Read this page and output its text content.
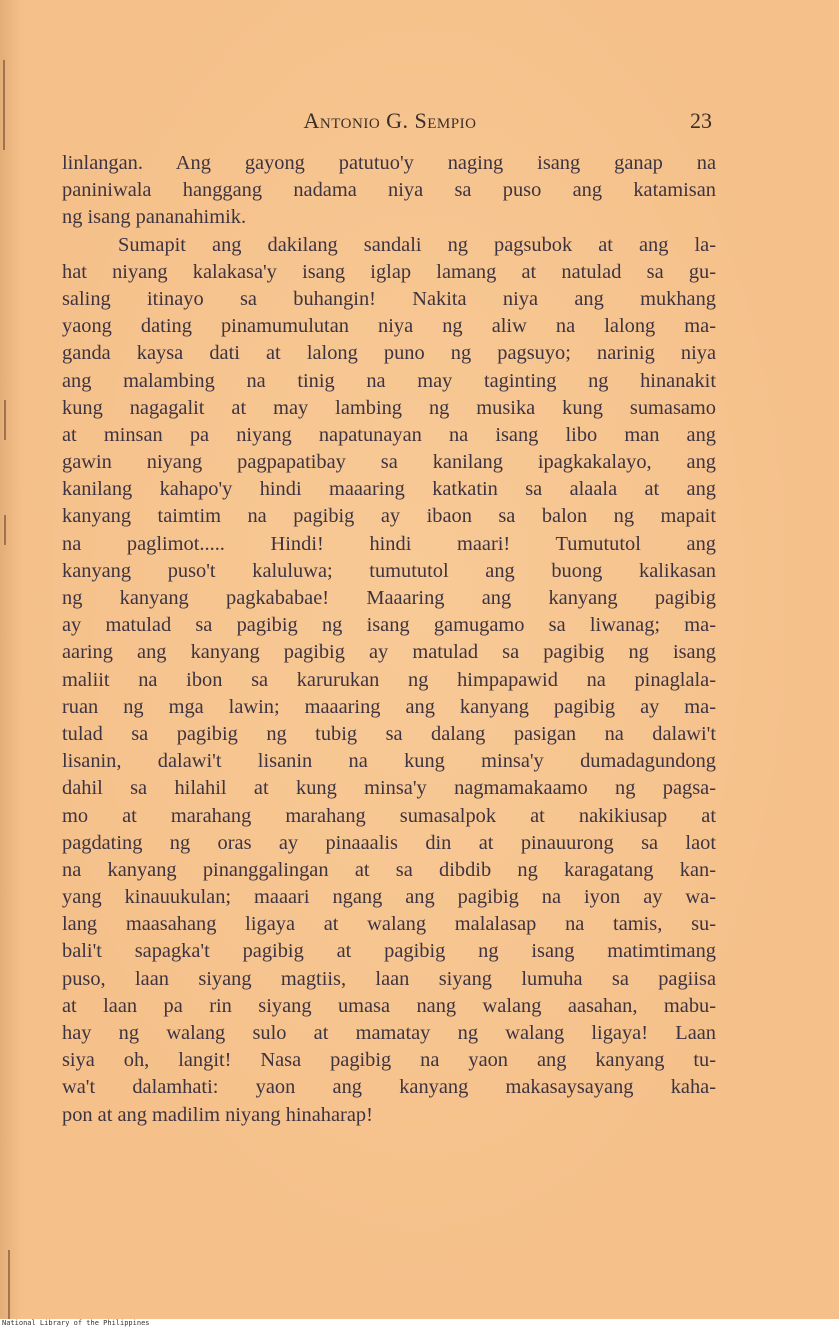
Antonio G. Sempio	23
linlangan. Ang gayong patutuo'y naging isang ganap na
paniniwala hanggang nadama niya sa puso ang katamisan
ng isang pananahimik.
Sumapit ang dakilang sandali ng pagsubok at ang la-
hat niyang kalakasa'y isang iglap lamang at natulad sa gu-
saling itinayo sa buhangin! Nakita niya ang mukhang
yaong dating pinamumulutan niya ng aliw na lalong ma-
ganda kaysa dati at lalong puno ng pagsuyo; narinig niya
ang malambing na tinig na may taginting ng hinanakit
kung nagagalit at may lambing ng musika kung sumasamo
at minsan pa niyang napatunayan na isang libo man ang
gawin niyang pagpapatibay sa kanilang ipagkakalayo, ang
kanilang kahapo'y hindi maaaring katkatin sa alaala at ang
kanyang taimtim na pagibig ay ibaon sa balon ng mapait
na paglimot..... Hindi! hindi maari! Tumututol ang
kanyang puso't kaluluwa; tumututol ang buong kalikasan
ng kanyang pagkababae! Maaaring ang kanyang pagibig
ay matulad sa pagibig ng isang gamugamo sa liwanag; ma-
aaring ang kanyang pagibig ay matulad sa pagibig ng isang
maliit na ibon sa karurukan ng himpapawid na pinaglala-
ruan ng mga lawin; maaaring ang kanyang pagibig ay ma-
tulad sa pagibig ng tubig sa dalang pasigan na dalawi't
lisanin, dalawi't lisanin na kung minsa'y dumadagundong
dahil sa hilahil at kung minsa'y nagmamakaamo ng pagsa-
mo at marahang marahang sumasalpok at nakikiusap at
pagdating ng oras ay pinaaalis din at pinauurong sa laot
na kanyang pinanggalingan at sa dibdib ng karagatang kan-
yang kinauukulan; maaari ngang ang pagibig na iyon ay wa-
lang maasahang ligaya at walang malalasap na tamis, su-
bali't sapagka't pagibig at pagibig ng isang matimtimang
puso, laan siyang magtiis, laan siyang lumuha sa pagiisa
at laan pa rin siyang umasa nang walang aasahan, mabu-
hay ng walang sulo at mamatay ng walang ligaya! Laan
siya oh, langit! Nasa pagibig na yaon ang kanyang tu-
wa't dalamhati: yaon ang kanyang makasaysayang kaha-
pon at ang madilim niyang hinaharap!
National Library of the Philippines
